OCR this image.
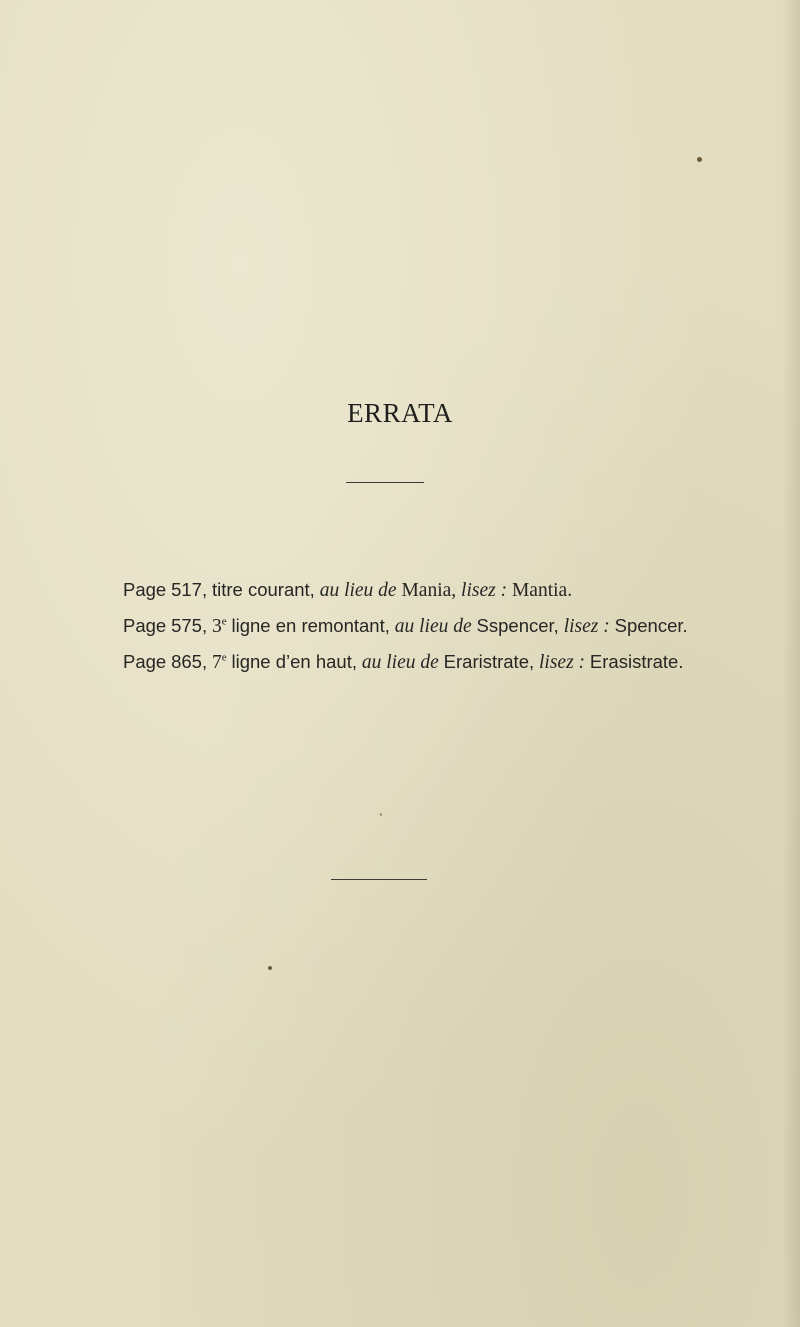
ERRATA
Page 517, titre courant, au lieu de Mania, lisez : Mantia.
Page 575, 3e ligne en remontant, au lieu de Sspencer, lisez : Spencer.
Page 865, 7e ligne d’en haut, au lieu de Eraristrate, lisez : Erasistrate.
